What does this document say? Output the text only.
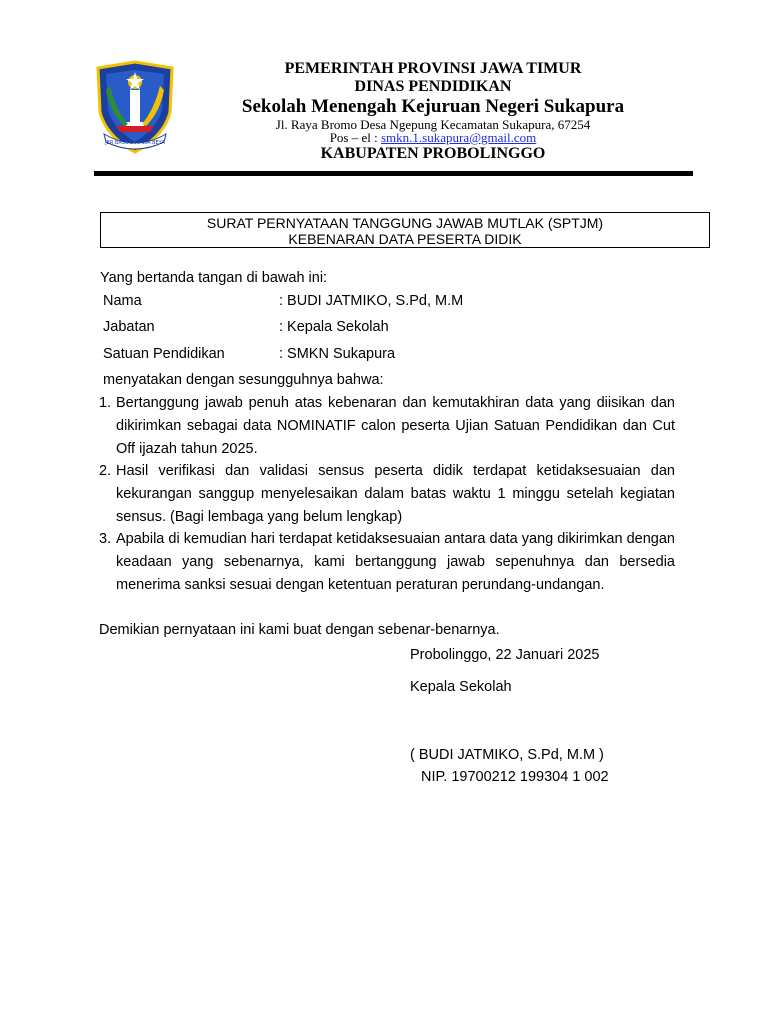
JER BASUKI MAWA BEYA
PEMERINTAH PROVINSI JAWA TIMUR
DINAS PENDIDIKAN
Sekolah Menengah Kejuruan Negeri Sukapura
Jl. Raya Bromo Desa Ngepung Kecamatan Sukapura, 67254
Pos – el : smkn.1.sukapura@gmail.com
KABUPATEN PROBOLINGGO
SURAT PERNYATAAN TANGGUNG JAWAB MUTLAK (SPTJM)
KEBENARAN DATA PESERTA DIDIK
Yang bertanda tangan di bawah ini:
Nama	: BUDI JATMIKO, S.Pd, M.M
Jabatan	: Kepala Sekolah
Satuan Pendidikan	: SMKN Sukapura
menyatakan dengan sesungguhnya bahwa:
1. Bertanggung jawab penuh atas kebenaran dan kemutakhiran data yang diisikan dan dikirimkan sebagai data NOMINATIF calon peserta Ujian Satuan Pendidikan dan Cut Off ijazah tahun 2025.
2. Hasil verifikasi dan validasi sensus peserta didik terdapat ketidaksesuaian dan kekurangan sanggup menyelesaikan dalam batas waktu 1 minggu setelah kegiatan sensus. (Bagi lembaga yang belum lengkap)
3. Apabila di kemudian hari terdapat ketidaksesuaian antara data yang dikirimkan dengan keadaan yang sebenarnya, kami bertanggung jawab sepenuhnya dan bersedia menerima sanksi sesuai dengan ketentuan peraturan perundang-undangan.
Demikian pernyataan ini kami buat dengan sebenar-benarnya.
Probolinggo, 22 Januari 2025
Kepala Sekolah
( BUDI JATMIKO, S.Pd, M.M )
NIP. 19700212 199304 1 002
